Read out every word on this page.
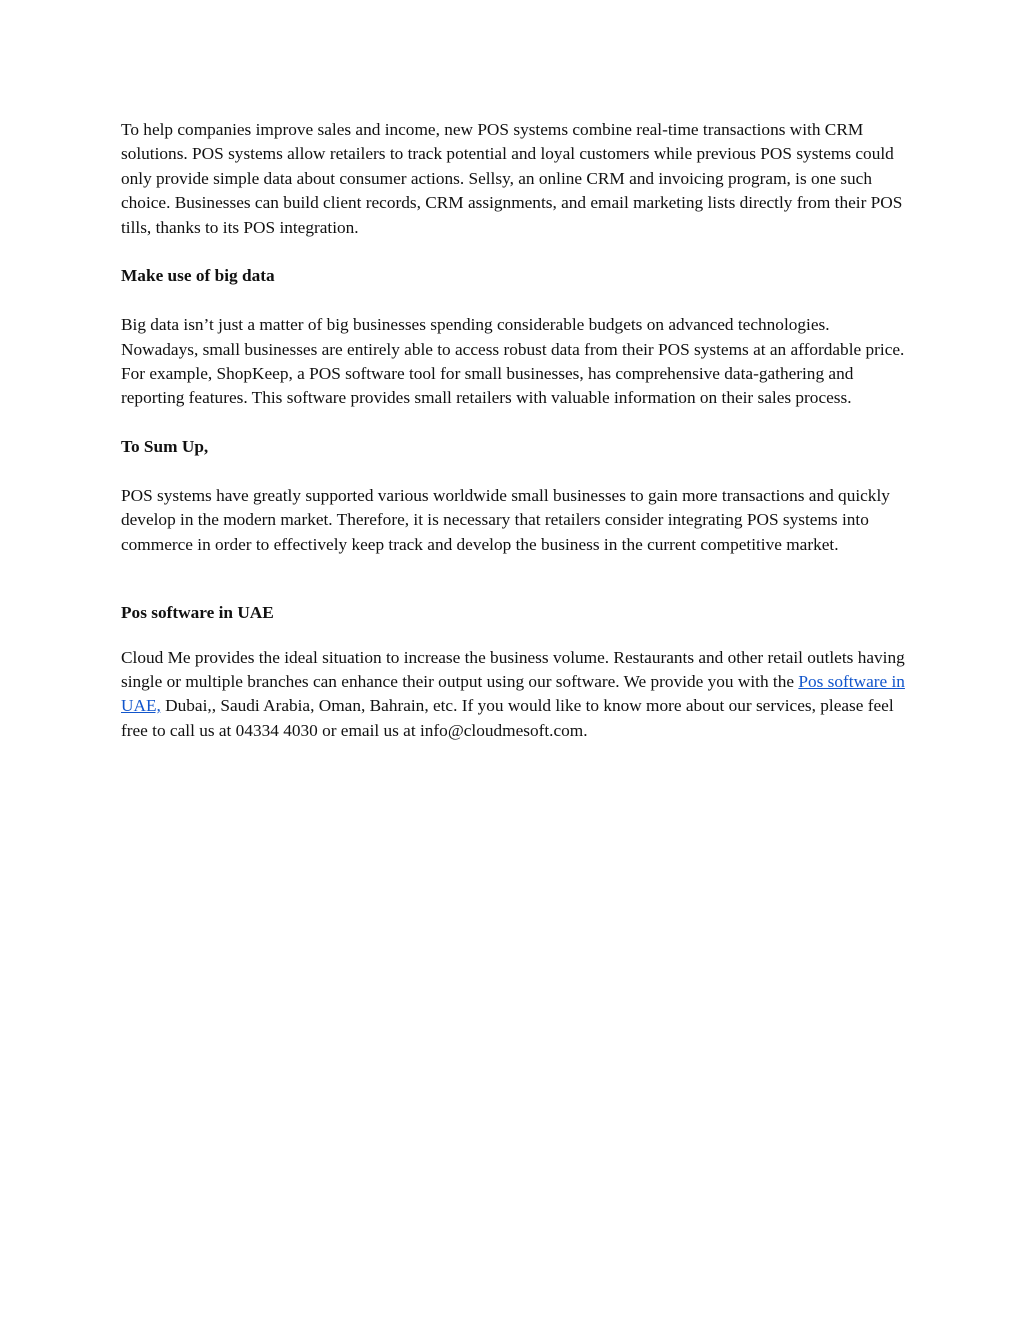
To help companies improve sales and income, new POS systems combine real-time transactions with CRM solutions. POS systems allow retailers to track potential and loyal customers while previous POS systems could only provide simple data about consumer actions. Sellsy, an online CRM and invoicing program, is one such choice. Businesses can build client records, CRM assignments, and email marketing lists directly from their POS tills, thanks to its POS integration.

Make use of big data

Big data isn’t just a matter of big businesses spending considerable budgets on advanced technologies. Nowadays, small businesses are entirely able to access robust data from their POS systems at an affordable price. For example, ShopKeep, a POS software tool for small businesses, has comprehensive data-gathering and reporting features. This software provides small retailers with valuable information on their sales process.

To Sum Up,

POS systems have greatly supported various worldwide small businesses to gain more transactions and quickly develop in the modern market. Therefore, it is necessary that retailers consider integrating POS systems into commerce in order to effectively keep track and develop the business in the current competitive market.

Pos software in UAE

Cloud Me provides the ideal situation to increase the business volume. Restaurants and other retail outlets having single or multiple branches can enhance their output using our software. We provide you with the Pos software in UAE, Dubai,, Saudi Arabia, Oman, Bahrain, etc. If you would like to know more about our services, please feel free to call us at 04334 4030 or email us at info@cloudmesoft.com.
